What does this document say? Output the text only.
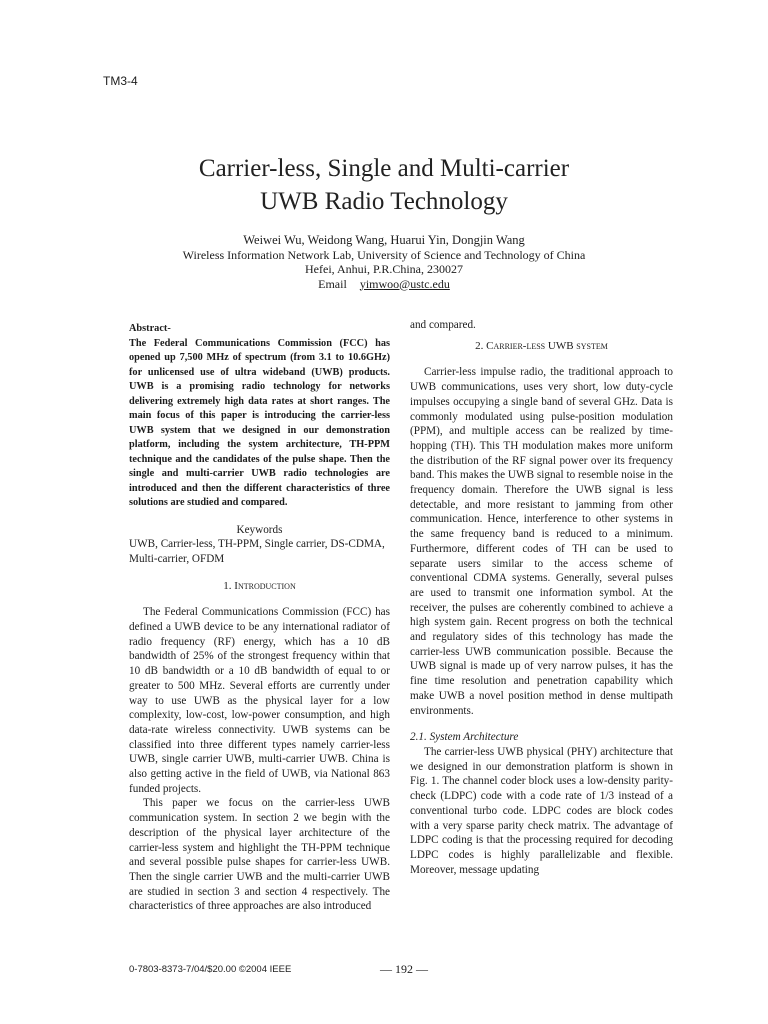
TM3-4
Carrier-less, Single and Multi-carrier
UWB Radio Technology
Weiwei Wu, Weidong Wang, Huarui Yin, Dongjin Wang
Wireless Information Network Lab, University of Science and Technology of China
Hefei, Anhui, P.R.China, 230027
Email yimwoo@ustc.edu
Abstract-

The Federal Communications Commission (FCC) has opened up 7,500 MHz of spectrum (from 3.1 to 10.6GHz) for unlicensed use of ultra wideband (UWB) products. UWB is a promising radio technology for networks delivering extremely high data rates at short ranges. The main focus of this paper is introducing the carrier-less UWB system that we designed in our demonstration platform, including the system architecture, TH-PPM technique and the candidates of the pulse shape. Then the single and multi-carrier UWB radio technologies are introduced and then the different characteristics of three solutions are studied and compared.

Keywords

UWB, Carrier-less, TH-PPM, Single carrier, DS-CDMA, Multi-carrier, OFDM

1. Introduction

The Federal Communications Commission (FCC) has defined a UWB device to be any international radiator of radio frequency (RF) energy, which has a 10 dB bandwidth of 25% of the strongest frequency within that 10 dB bandwidth or a 10 dB bandwidth of equal to or greater to 500 MHz. Several efforts are currently under way to use UWB as the physical layer for a low complexity, low-cost, low-power consumption, and high data-rate wireless connectivity. UWB systems can be classified into three different types namely carrier-less UWB, single carrier UWB, multi-carrier UWB. China is also getting active in the field of UWB, via National 863 funded projects.

This paper we focus on the carrier-less UWB communication system. In section 2 we begin with the description of the physical layer architecture of the carrier-less system and highlight the TH-PPM technique and several possible pulse shapes for carrier-less UWB. Then the single carrier UWB and the multi-carrier UWB are studied in section 3 and section 4 respectively. The characteristics of three approaches are also introduced

and compared.

2. Carrier-less UWB system

Carrier-less impulse radio, the traditional approach to UWB communications, uses very short, low duty-cycle impulses occupying a single band of several GHz. Data is commonly modulated using pulse-position modulation (PPM), and multiple access can be realized by time-hopping (TH). This TH modulation makes more uniform the distribution of the RF signal power over its frequency band. This makes the UWB signal to resemble noise in the frequency domain. Therefore the UWB signal is less detectable, and more resistant to jamming from other communication. Hence, interference to other systems in the same frequency band is reduced to a minimum. Furthermore, different codes of TH can be used to separate users similar to the access scheme of conventional CDMA systems. Generally, several pulses are used to transmit one information symbol. At the receiver, the pulses are coherently combined to achieve a high system gain. Recent progress on both the technical and regulatory sides of this technology has made the carrier-less UWB communication possible. Because the UWB signal is made up of very narrow pulses, it has the fine time resolution and penetration capability which make UWB a novel position method in dense multipath environments.

2.1. System Architecture

The carrier-less UWB physical (PHY) architecture that we designed in our demonstration platform is shown in Fig. 1. The channel coder block uses a low-density parity-check (LDPC) code with a code rate of 1/3 instead of a conventional turbo code. LDPC codes are block codes with a very sparse parity check matrix. The advantage of LDPC coding is that the processing required for decoding LDPC codes is highly parallelizable and flexible. Moreover, message updating

0-7803-8373-7/04/$20.00 ©2004 IEEE	— 192 —
